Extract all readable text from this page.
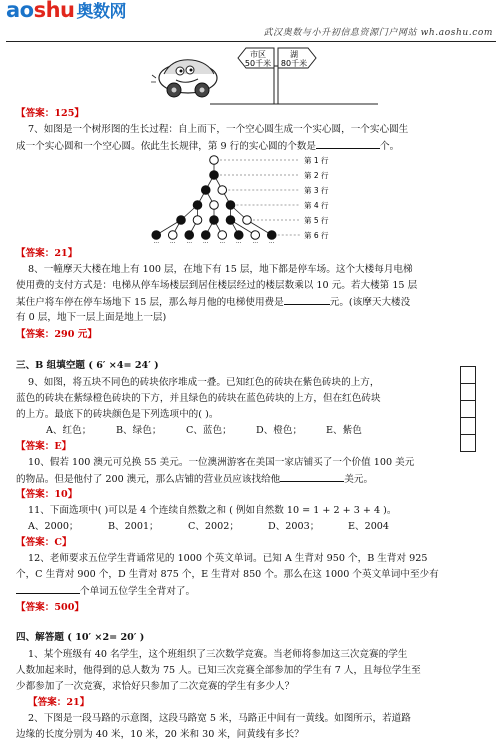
aoshu 奥数网
武汉奥数与小升初信息资源门户网站 wh.aoshu.com
市区
50千米
湖
80千米
【答案：125】
7、如图是一个树形图的生长过程：自上而下，一个空心圆生成一个实心圆，一个实心圆生
成一个实心圆和一个空心圆。依此生长规律，第 9 行的实心圆的个数是	个。
第 1 行
第 2 行
第 3 行
第 4 行
第 5 行
第 6 行
··· ··· ··· ··· ··· ··· ··· ···
【答案：21】
8、一幢摩天大楼在地上有 100 层，在地下有 15 层，地下都是停车场。这个大楼每月电梯
使用费的支付方式是：电梯从停车场楼层到居住楼层经过的楼层数乘以 10 元。若大楼第 15 层
某住户将车停在停车场地下 15 层，那么每月他的电梯使用费是	元。(该摩天大楼没
有 0 层，地下一层上面是地上一层)
【答案：290 元】
三、B 组填空题 ( 6′ ×4= 24′ )
9、如图，将五块不同色的砖块依序堆成一叠。已知红色的砖块在紫色砖块的上方，
蓝色的砖块在紫绿橙色砖块的下方，并且绿色的砖块在蓝色砖块的上方，但在红色砖块
的上方。最底下的砖块颜色是下列选项中的( )。
A、红色；	B、绿色；	C、蓝色；	D、橙色； E、紫色
【答案：E】
10、假若 100 澳元可兑换 55 美元。一位澳洲游客在美国一家店铺买了一个价值 100 美元
的物品。但是他付了 200 澳元，那么店铺的营业员应该找给他	美元。
【答案：10】
11、下面选项中( )可以是 4 个连续自然数之和 ( 例如自然数 10 = 1 + 2 + 3 + 4 )。
A、2000；	B、2001；	C、2002；	D、2003；	E、2004
【答案：C】
12、老师要求五位学生背诵常见的 1000 个英文单词。已知 A 生背对 950 个，B 生背对 925
个，C 生背对 900 个，D 生背对 875 个，E 生背对 850 个。那么在这 1000 个英文单词中至少有
个单词五位学生全背对了。
【答案：500】
四、解答题 ( 10′ ×2= 20′ )
1、某个班级有 40 名学生，这个班组织了三次数学竞赛。当老师将参加这三次竞赛的学生
人数加起来时，他得到的总人数为 75 人。已知三次竞赛全部参加的学生有 7 人，且每位学生至
少都参加了一次竞赛，求恰好只参加了二次竞赛的学生有多少人？
【答案：21】
2、下图是一段马路的示意图，这段马路宽 5 米，马路正中间有一黄线。如图所示，若道路
边缘的长度分别为 40 米，10 米，20 米和 30 米，问黄线有多长？
